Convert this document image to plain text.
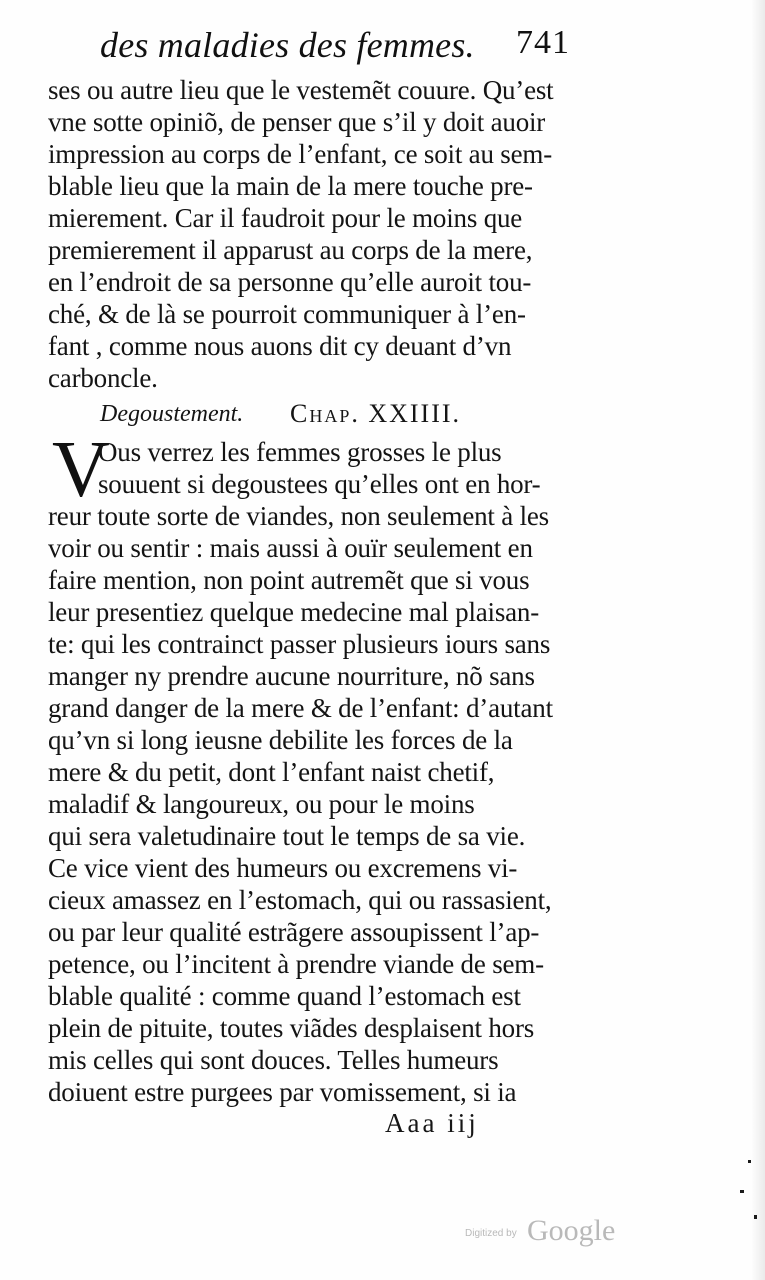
des maladies des femmes. 741
ses ou autre lieu que le vestemẽt couure. Qu’est
vne sotte opiniõ, de penser que s’il y doit auoir
impression au corps de l’enfant, ce soit au sem-
blable lieu que la main de la mere touche pre-
mierement. Car il faudroit pour le moins que
premierement il apparust au corps de la mere,
en l’endroit de sa personne qu’elle auroit tou-
ché, & de là se pourroit communiquer à l’en-
fant , comme nous auons dit cy deuant d’vn
carboncle.
Degoustement. Chap. XXIIII.
V
Ous verrez les femmes grosses le plus
souuent si degoustees qu’elles ont en hor-
reur toute sorte de viandes, non seulement à les
voir ou sentir : mais aussi à ouïr seulement en
faire mention, non point autremẽt que si vous
leur presentiez quelque medecine mal plaisan-
te: qui les contrainct passer plusieurs iours sans
manger ny prendre aucune nourriture, nõ sans
grand danger de la mere & de l’enfant: d’autant
qu’vn si long ieusne debilite les forces de la
mere & du petit, dont l’enfant naist chetif,
maladif & langoureux, ou pour le moins
qui sera valetudinaire tout le temps de sa vie.
Ce vice vient des humeurs ou excremens vi-
cieux amassez en l’estomach, qui ou rassasient,
ou par leur qualité estrãgere assoupissent l’ap-
petence, ou l’incitent à prendre viande de sem-
blable qualité : comme quand l’estomach est
plein de pituite, toutes viãdes desplaisent hors
mis celles qui sont douces. Telles humeurs
doiuent estre purgees par vomissement, si ia
Aaa iij
Digitized by Google
